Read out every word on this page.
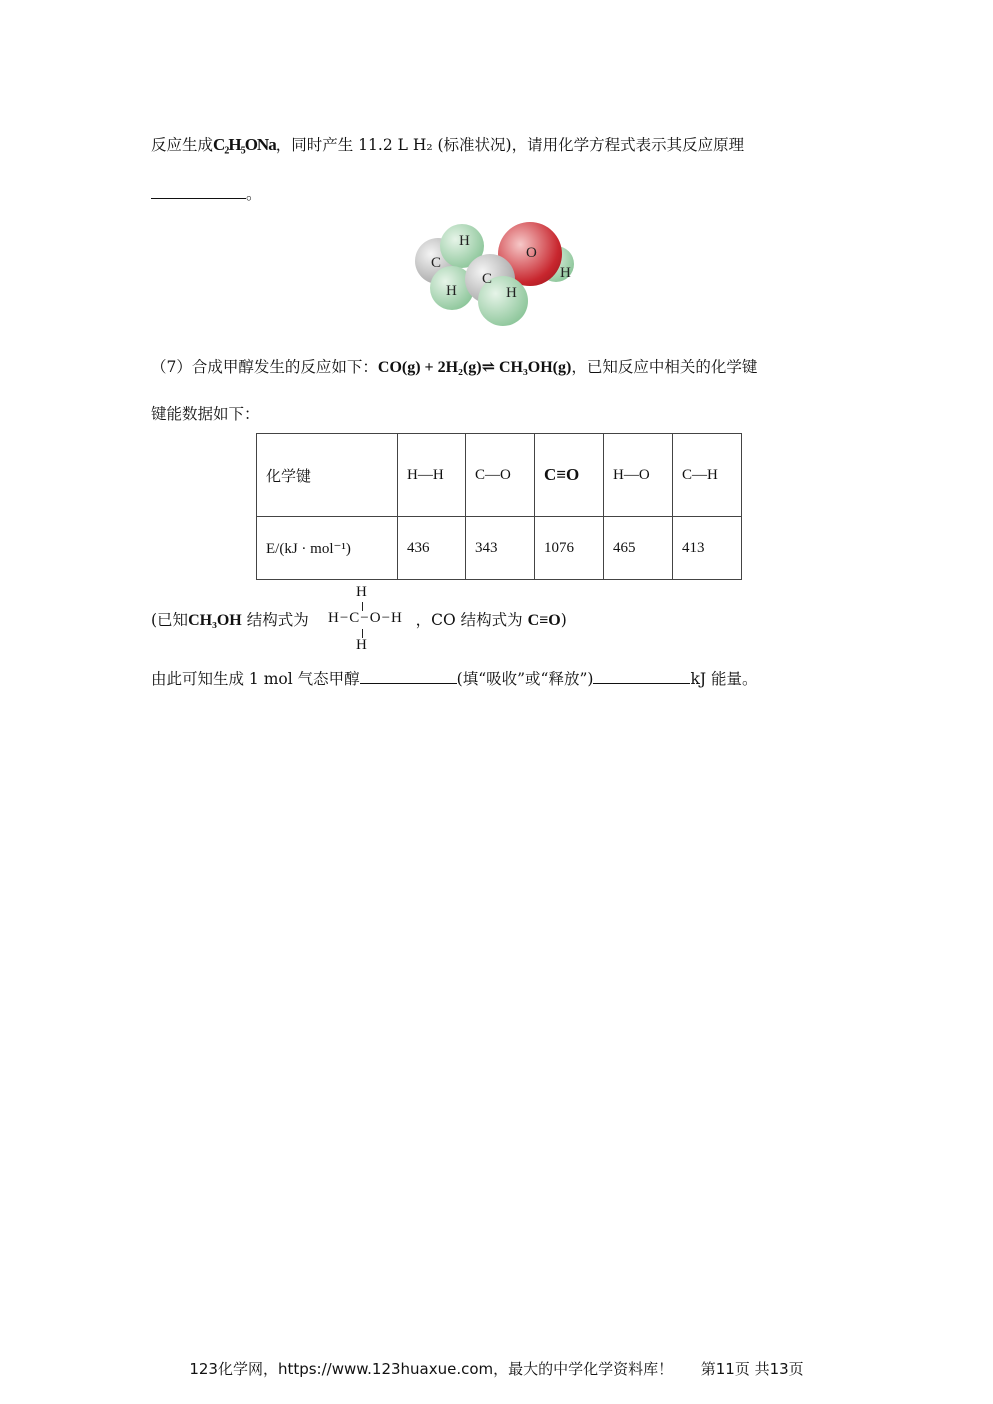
反应生成C₂H₅ONa，同时产生 11.2 L H₂ (标准状况)，请用化学方程式表示其反应原理
。
H
C
H
C
H
O
H
（7）合成甲醇发生的反应如下：CO(g) + 2H₂(g)⇌ CH₃OH(g)，已知反应中相关的化学键
键能数据如下：
化学键	H—H	C—O	C≡O	H—O	C—H
E/(kJ · mol⁻¹)	436	343	1076	465	413
(已知CH₃OH 结构式为	，CO 结构式为 C≡O)
H
H−C−O−H
H
由此可知生成 1 mol 气态甲醇	(填“吸收”或“释放”)	kJ 能量。
123化学网，https://www.123huaxue.com，最大的中学化学资料库！ 第11页 共13页
